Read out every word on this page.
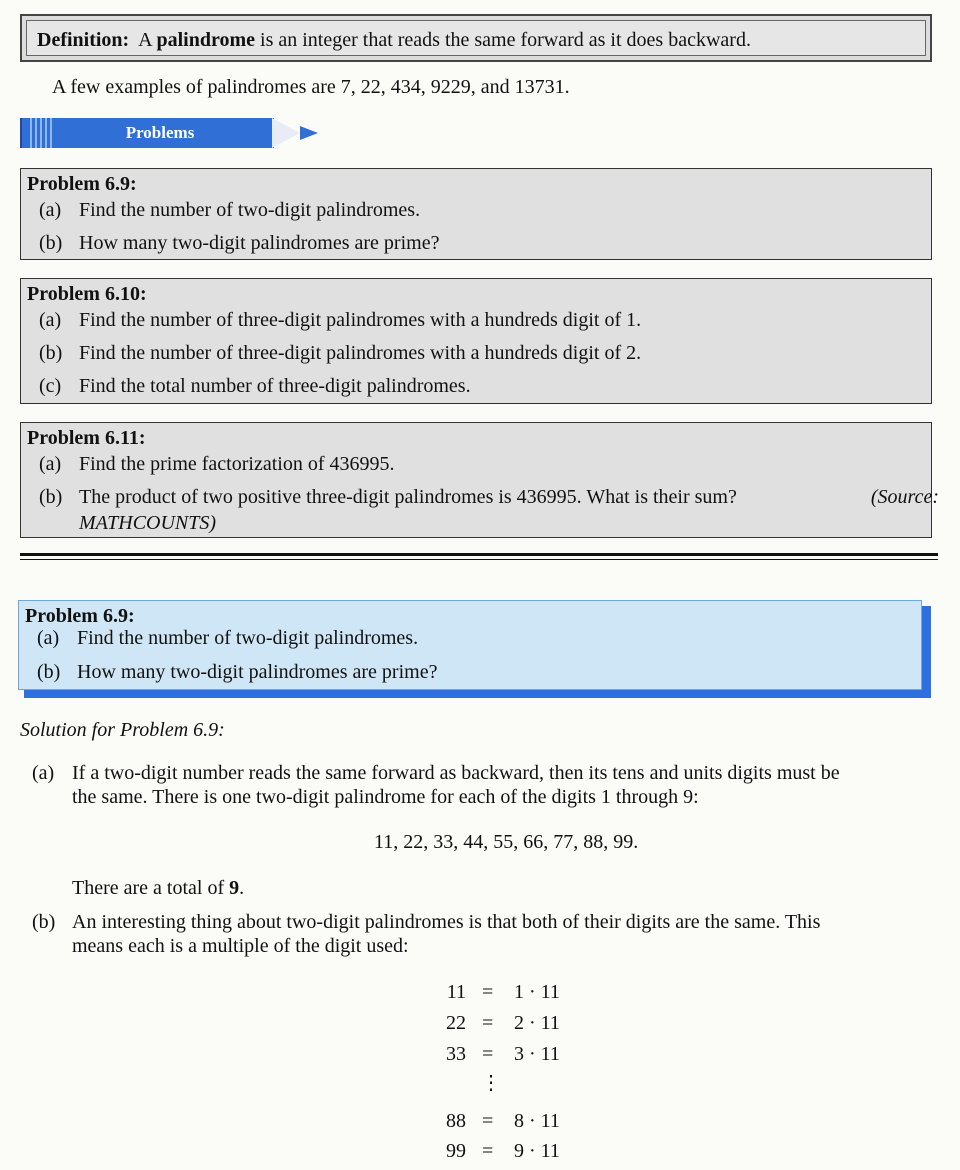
Definition: A palindrome is an integer that reads the same forward as it does backward.
A few examples of palindromes are 7, 22, 434, 9229, and 13731.
Problems
Problem 6.9:
(a) Find the number of two-digit palindromes.
(b) How many two-digit palindromes are prime?
Problem 6.10:
(a) Find the number of three-digit palindromes with a hundreds digit of 1.
(b) Find the number of three-digit palindromes with a hundreds digit of 2.
(c) Find the total number of three-digit palindromes.
Problem 6.11:
(a) Find the prime factorization of 436995.
(b) The product of two positive three-digit palindromes is 436995. What is their sum?	(Source:
MATHCOUNTS)
Problem 6.9:
(a) Find the number of two-digit palindromes.
(b) How many two-digit palindromes are prime?
Solution for Problem 6.9:
(a) If a two-digit number reads the same forward as backward, then its tens and units digits must be
the same. There is one two-digit palindrome for each of the digits 1 through 9:
11, 22, 33, 44, 55, 66, 77, 88, 99.
There are a total of 9.
(b) An interesting thing about two-digit palindromes is that both of their digits are the same. This
means each is a multiple of the digit used:
11 = 1 · 11
22 = 2 · 11
33 = 3 · 11
⋮
88 = 8 · 11
99 = 9 · 11
